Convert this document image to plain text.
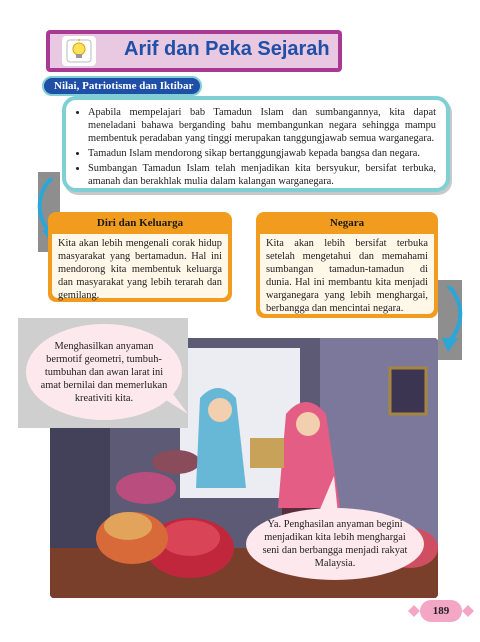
Arif dan Peka Sejarah
Nilai, Patriotisme dan Iktibar
• Apabila mempelajari bab Tamadun Islam dan sumbangannya, kita dapat meneladani bahawa berganding bahu membangunkan negara sehingga mampu membentuk peradaban yang tinggi merupakan tanggungjawab semua warganegara.
• Tamadun Islam mendorong sikap bertanggungjawab kepada bangsa dan negara.
• Sumbangan Tamadun Islam telah menjadikan kita bersyukur, bersifat terbuka, amanah dan berakhlak mulia dalam kalangan warganegara.
Diri dan Keluarga
Kita akan lebih mengenali corak hidup masyarakat yang bertamadun. Hal ini mendorong kita membentuk keluarga dan masyarakat yang lebih terarah dan gemilang.
Negara
Kita akan lebih bersifat terbuka setelah mengetahui dan memahami sumbangan tamadun-tamadun di dunia. Hal ini membantu kita menjadi warganegara yang lebih menghargai, berbangga dan mencintai negara.
Menghasilkan anyaman bermotif geometri, tumbuh-tumbuhan dan awan larat ini amat bernilai dan memerlukan kreativiti kita.
Ya. Penghasilan anyaman begini menjadikan kita lebih menghargai seni dan berbangga menjadi rakyat Malaysia.
189
